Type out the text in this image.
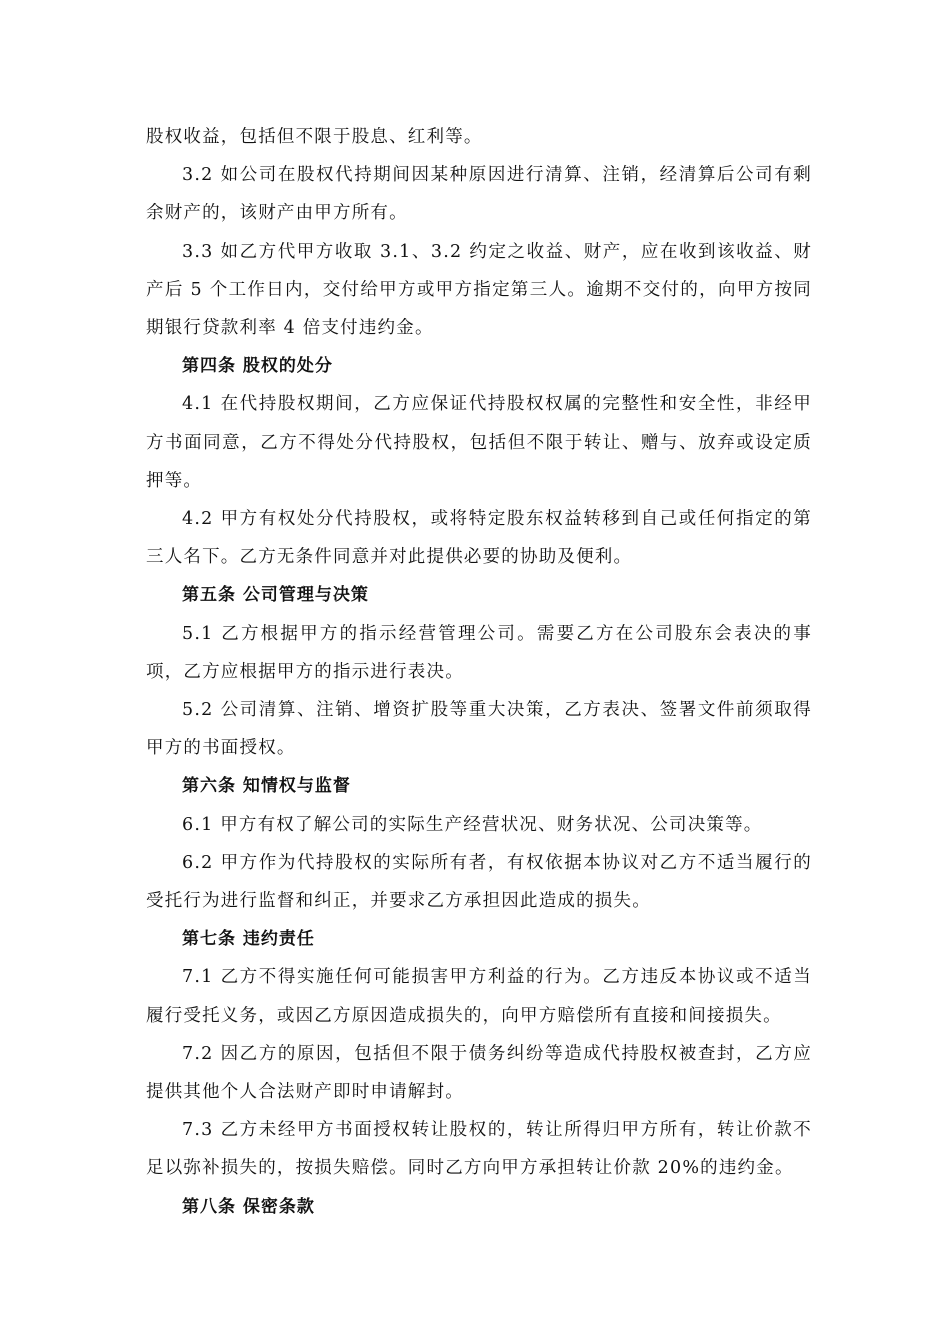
股权收益，包括但不限于股息、红利等。

3.2 如公司在股权代持期间因某种原因进行清算、注销，经清算后公司有剩余财产的，该财产由甲方所有。

3.3 如乙方代甲方收取 3.1、3.2 约定之收益、财产，应在收到该收益、财产后 5 个工作日内，交付给甲方或甲方指定第三人。逾期不交付的，向甲方按同期银行贷款利率 4 倍支付违约金。

第四条 股权的处分

4.1 在代持股权期间，乙方应保证代持股权权属的完整性和安全性，非经甲方书面同意，乙方不得处分代持股权，包括但不限于转让、赠与、放弃或设定质押等。

4.2 甲方有权处分代持股权，或将特定股东权益转移到自己或任何指定的第三人名下。乙方无条件同意并对此提供必要的协助及便利。

第五条 公司管理与决策

5.1 乙方根据甲方的指示经营管理公司。需要乙方在公司股东会表决的事项，乙方应根据甲方的指示进行表决。

5.2 公司清算、注销、增资扩股等重大决策，乙方表决、签署文件前须取得甲方的书面授权。

第六条 知情权与监督

6.1 甲方有权了解公司的实际生产经营状况、财务状况、公司决策等。

6.2 甲方作为代持股权的实际所有者，有权依据本协议对乙方不适当履行的受托行为进行监督和纠正，并要求乙方承担因此造成的损失。

第七条 违约责任

7.1 乙方不得实施任何可能损害甲方利益的行为。乙方违反本协议或不适当履行受托义务，或因乙方原因造成损失的，向甲方赔偿所有直接和间接损失。

7.2 因乙方的原因，包括但不限于债务纠纷等造成代持股权被查封，乙方应提供其他个人合法财产即时申请解封。

7.3 乙方未经甲方书面授权转让股权的，转让所得归甲方所有，转让价款不足以弥补损失的，按损失赔偿。同时乙方向甲方承担转让价款 20%的违约金。

第八条 保密条款
